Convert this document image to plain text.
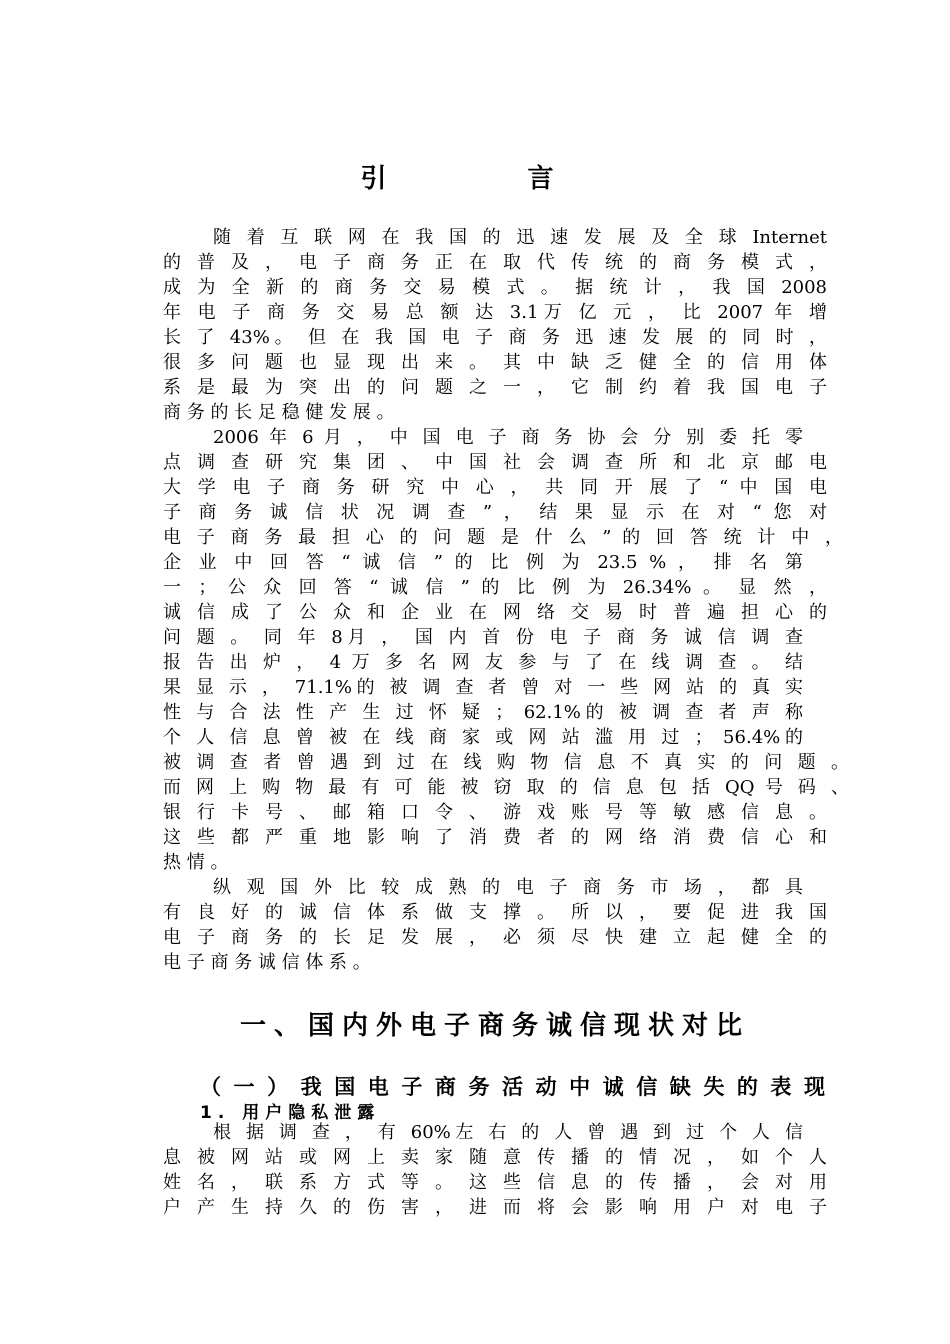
引 言
随 着 互 联 网 在 我 国 的 迅 速 发 展 及 全 球 Internet
的 普 及 ， 电 子 商 务 正 在 取 代 传 统 的 商 务 模 式 ，
成 为 全 新 的 商 务 交 易 模 式 。 据 统 计 ， 我 国 2008
年 电 子 商 务 交 易 总 额 达 3.1万 亿 元 ， 比 2007 年 增
长 了 43%。 但 在 我 国 电 子 商 务 迅 速 发 展 的 同 时 ，
很 多 问 题 也 显 现 出 来 。 其 中 缺 乏 健 全 的 信 用 体
系 是 最 为 突 出 的 问 题 之 一 ， 它 制 约 着 我 国 电 子
商 务 的 长 足 稳 健 发 展 。
2006 年 6 月 ， 中 国 电 子 商 务 协 会 分 别 委 托 零
点 调 查 研 究 集 团 、 中 国 社 会 调 查 所 和 北 京 邮 电
大 学 电 子 商 务 研 究 中 心 ， 共 同 开 展 了 “ 中 国 电
子 商 务 诚 信 状 况 调 查 ” ， 结 果 显 示 在 对 “ 您 对
电 子 商 务 最 担 心 的 问 题 是 什 么 ” 的 回 答 统 计 中 ，
企 业 中 回 答 “ 诚 信 ” 的 比 例 为 23.5 % ， 排 名 第
一 ； 公 众 回 答 “ 诚 信 ” 的 比 例 为 26.34% 。 显 然 ，
诚 信 成 了 公 众 和 企 业 在 网 络 交 易 时 普 遍 担 心 的
问 题 。 同 年 8月 ， 国 内 首 份 电 子 商 务 诚 信 调 查
报 告 出 炉 ， 4 万 多 名 网 友 参 与 了 在 线 调 查 。 结
果 显 示 ， 71.1%的 被 调 查 者 曾 对 一 些 网 站 的 真 实
性 与 合 法 性 产 生 过 怀 疑 ； 62.1%的 被 调 查 者 声 称
个 人 信 息 曾 被 在 线 商 家 或 网 站 滥 用 过 ； 56.4%的
被 调 查 者 曾 遇 到 过 在 线 购 物 信 息 不 真 实 的 问 题 。
而 网 上 购 物 最 有 可 能 被 窃 取 的 信 息 包 括 QQ 号 码 、
银 行 卡 号 、 邮 箱 口 令 、 游 戏 账 号 等 敏 感 信 息 。
这 些 都 严 重 地 影 响 了 消 费 者 的 网 络 消 费 信 心 和
热 情 。
纵 观 国 外 比 较 成 熟 的 电 子 商 务 市 场 ， 都 具
有 良 好 的 诚 信 体 系 做 支 撑 。 所 以 ， 要 促 进 我 国
电 子 商 务 的 长 足 发 展 ， 必 须 尽 快 建 立 起 健 全 的
电 子 商 务 诚 信 体 系 。
一、国内外电子商务诚信现状对比
（ 一 ） 我 国 电 子 商 务 活 动 中 诚 信 缺 失 的 表 现
1. 用户隐私泄露
根 据 调 查 ， 有 60%左 右 的 人 曾 遇 到 过 个 人 信
息 被 网 站 或 网 上 卖 家 随 意 传 播 的 情 况 ， 如 个 人
姓 名 ， 联 系 方 式 等 。 这 些 信 息 的 传 播 ， 会 对 用
户 产 生 持 久 的 伤 害 ， 进 而 将 会 影 响 用 户 对 电 子
